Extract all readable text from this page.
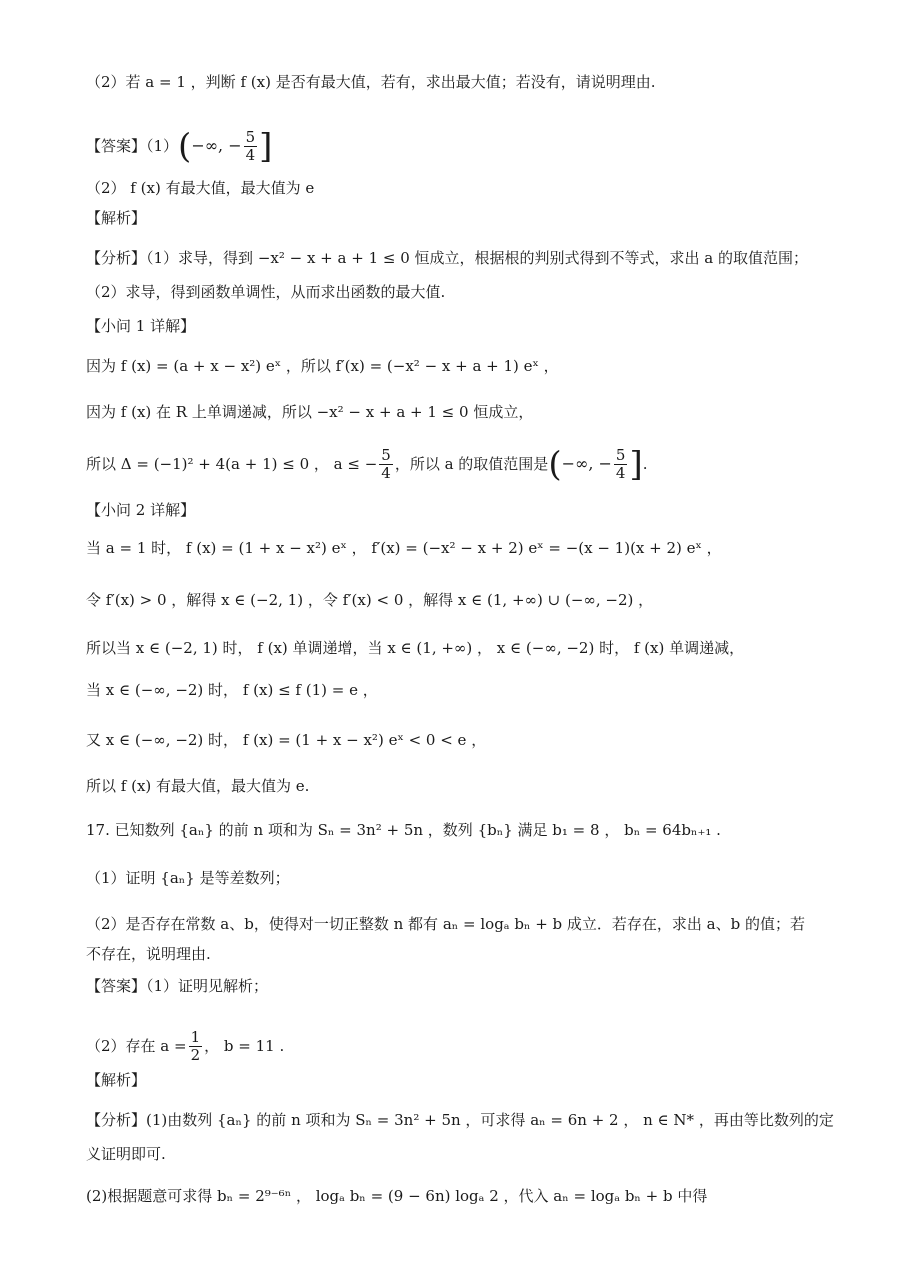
（2）若 a = 1 ，判断 f (x) 是否有最大值，若有，求出最大值；若没有，请说明理由.
【答案】（1） (−∞, − $\frac{5}{4}$ ]
（2） f (x) 有最大值，最大值为 e
【解析】
【分析】（1）求导，得到 −x² − x + a + 1 ≤ 0 恒成立，根据根的判别式得到不等式，求出 a 的取值范围；
（2）求导，得到函数单调性，从而求出函数的最大值.
【小问 1 详解】
因为 f (x) = (a + x − x²) eˣ ，所以 f′(x) = (−x² − x + a + 1) eˣ ，
因为 f (x) 在 R 上单调递减，所以 −x² − x + a + 1 ≤ 0 恒成立，
所以 Δ = (−1)² + 4(a + 1) ≤ 0 ， a ≤ − $\frac{5}{4}$ ，所以 a 的取值范围是 (−∞, − $\frac{5}{4}$ ] .
【小问 2 详解】
当 a = 1 时， f (x) = (1 + x − x²) eˣ ， f′(x) = (−x² − x + 2) eˣ = −(x − 1)(x + 2) eˣ ，
令 f′(x) > 0 ，解得 x ∈ (−2, 1) ，令 f′(x) < 0 ，解得 x ∈ (1, +∞) ∪ (−∞, −2) ，
所以当 x ∈ (−2, 1) 时， f (x) 单调递增，当 x ∈ (1, +∞) ， x ∈ (−∞, −2) 时， f (x) 单调递减，
当 x ∈ (−∞, −2) 时， f (x) ≤ f (1) = e ，
又 x ∈ (−∞, −2) 时， f (x) = (1 + x − x²) eˣ < 0 < e ，
所以 f (x) 有最大值，最大值为 e.
17. 已知数列 {aₙ} 的前 n 项和为 Sₙ = 3n² + 5n ，数列 {bₙ} 满足 b₁ = 8 ， bₙ = 64bₙ₊₁ .
（1）证明 {aₙ} 是等差数列；
（2）是否存在常数 a、b，使得对一切正整数 n 都有 aₙ = logₐ bₙ + b 成立．若存在，求出 a、b 的值；若
不存在，说明理由.
【答案】（1）证明见解析；
（2）存在 $a = \frac{1}{2}$ ， b = 11 .
【解析】
【分析】(1)由数列 {aₙ} 的前 n 项和为 Sₙ = 3n² + 5n ，可求得 aₙ = 6n + 2 ， n ∈ N* ，再由等比数列的定
义证明即可.
(2)根据题意可求得 bₙ = 2⁹⁻⁶ⁿ ， logₐ bₙ = (9 − 6n) logₐ 2 ，代入 aₙ = logₐ bₙ + b 中得
